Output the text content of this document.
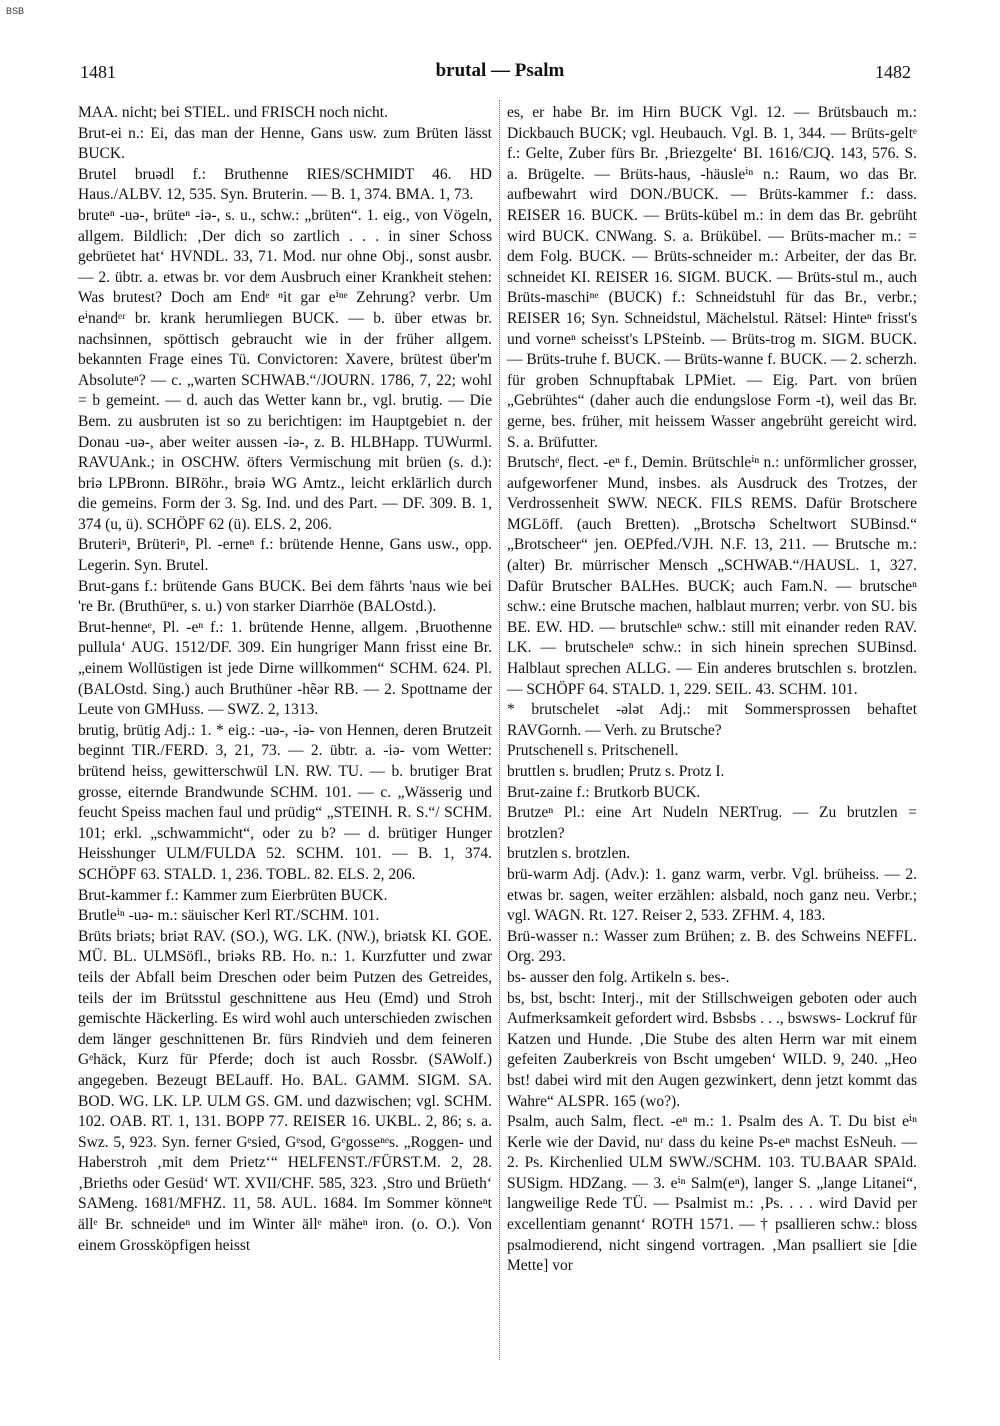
BSB
1481	brutal — Psalm	1482

MAA. nicht; bei STIEL. und FRISCH noch nicht.

Brut-ei n.: Ei, das man der Henne, Gans usw. zum Brüten lässt BUCK.

Brutel bruədl f.: Bruthenne RIES/SCHMIDT 46. HD Haus./ALBV. 12, 535. Syn. Bruterin. — B. 1, 374. BMA. 1, 73.

bruteⁿ -uə-, brüteⁿ -iə-, s. u., schw.: „brüten“. 1. eig., von Vögeln, allgem. Bildlich: ‚Der dich so zartlich . . . in siner Schoss gebrüetet hat‘ HVNDL. 33, 71. Mod. nur ohne Obj., sonst ausbr. — 2. übtr. a. etwas br. vor dem Ausbruch einer Krankheit stehen: Was brutest? Doch am Endᵉ ⁿit gar eⁱⁿᵉ Zehrung? verbr. Um eⁱnandᵉʳ br. krank herumliegen BUCK. — b. über etwas br. nachsinnen, spöttisch gebraucht wie in der früher allgem. bekannten Frage eines Tü. Convictoren: Xavere, brütest über'm Absoluteⁿ? — c. „warten SCHWAB.“/JOURN. 1786, 7, 22; wohl = b gemeint. — d. auch das Wetter kann br., vgl. brutig. — Die Bem. zu ausbruten ist so zu berichtigen: im Hauptgebiet n. der Donau -uə-, aber weiter aussen -iə-, z. B. HLBHapp. TUWurml. RAVUAnk.; in OSCHW. öfters Vermischung mit brüen (s. d.): briə LPBronn. BIRöhr., brəiə WG Amtz., leicht erklärlich durch die gemeins. Form der 3. Sg. Ind. und des Part. — DF. 309. B. 1, 374 (u, ü). SCHÖPF 62 (ü). ELS. 2, 206.

Bruteriⁿ, Brüteriⁿ, Pl. -erneⁿ f.: brütende Henne, Gans usw., opp. Legerin. Syn. Brutel.

Brut-gans f.: brütende Gans BUCK. Bei dem fährts 'naus wie bei 're Br. (Bruthüⁿer, s. u.) von starker Diarrhöe (BALOstd.).

Brut-henneᵉ, Pl. -eⁿ f.: 1. brütende Henne, allgem. ‚Bruothenne pullula‘ AUG. 1512/DF. 309. Ein hungriger Mann frisst eine Br. „einem Wollüstigen ist jede Dirne willkommen“ SCHM. 624. Pl. (BALOstd. Sing.) auch Bruthüner -hẽər RB. — 2. Spottname der Leute von GMHuss. — SWZ. 2, 1313.

brutig, brütig Adj.: 1. * eig.: -uə-, -iə- von Hennen, deren Brutzeit beginnt TIR./FERD. 3, 21, 73. — 2. übtr. a. -iə- vom Wetter: brütend heiss, gewitterschwül LN. RW. TU. — b. brutiger Brat grosse, eiternde Brandwunde SCHM. 101. — c. „Wässerig und feucht Speiss machen faul und prüdig“ „STEINH. R. S.“/ SCHM. 101; erkl. „schwammicht“, oder zu b? — d. brütiger Hunger Heisshunger ULM/FULDA 52. SCHM. 101. — B. 1, 374. SCHÖPF 63. STALD. 1, 236. TOBL. 82. ELS. 2, 206.

Brut-kammer f.: Kammer zum Eierbrüten BUCK.

Brutleⁱⁿ -uə- m.: säuischer Kerl RT./SCHM. 101.

Brüts briəts; briət RAV. (SO.), WG. LK. (NW.), briətsk KI. GOE. MÜ. BL. ULMSöfl., briəks RB. Ho. n.: 1. Kurzfutter und zwar teils der Abfall beim Dreschen oder beim Putzen des Getreides, teils der im Brütsstul geschnittene aus Heu (Emd) und Stroh gemischte Häckerling. Es wird wohl auch unterschieden zwischen dem länger geschnittenen Br. fürs Rindvieh und dem feineren Gᵉhäck, Kurz für Pferde; doch ist auch Rossbr. (SAWolf.) angegeben. Bezeugt BELauff. Ho. BAL. GAMM. SIGM. SA. BOD. WG. LK. LP. ULM GS. GM. und dazwischen; vgl. SCHM. 102. OAB. RT. 1, 131. BOPP 77. REISER 16. UKBL. 2, 86; s. a. Swz. 5, 923. Syn. ferner Gᵉsied, Gᵉsod, Gᵉgosseⁿᵉs. „Roggen- und Haberstroh ‚mit dem Prietz‘“ HELFENST./FÜRST.M. 2, 28. ‚Brieths oder Gesüd‘ WT. XVII/CHF. 585, 323. ‚Stro und Brüeth‘ SAMeng. 1681/MFHZ. 11, 58. AUL. 1684. Im Sommer könneⁿt ällᵉ Br. schneideⁿ und im Winter ällᵉ mäheⁿ iron. (o. O.). Von einem Grossköpfigen heisst

es, er habe Br. im Hirn BUCK Vgl. 12. — Brütsbauch m.: Dickbauch BUCK; vgl. Heubauch. Vgl. B. 1, 344. — Brüts-geltᵉ f.: Gelte, Zuber fürs Br. ‚Briezgelte‘ BI. 1616/CJQ. 143, 576. S. a. Brügelte. — Brüts-haus, -häusleⁱⁿ n.: Raum, wo das Br. aufbewahrt wird DON./BUCK. — Brüts-kammer f.: dass. REISER 16. BUCK. — Brüts-kübel m.: in dem das Br. gebrüht wird BUCK. CNWang. S. a. Brükübel. — Brüts-macher m.: = dem Folg. BUCK. — Brüts-schneider m.: Arbeiter, der das Br. schneidet KI. REISER 16. SIGM. BUCK. — Brüts-stul m., auch Brüts-maschiⁿᵉ (BUCK) f.: Schneidstuhl für das Br., verbr.; REISER 16; Syn. Schneidstul, Mächelstul. Rätsel: Hinteⁿ frisst's und vorneⁿ scheisst's LPSteinb. — Brüts-trog m. SIGM. BUCK. — Brüts-truhe f. BUCK. — Brüts-wanne f. BUCK. — 2. scherzh. für groben Schnupftabak LPMiet. — Eig. Part. von brüen „Gebrühtes“ (daher auch die endungslose Form -t), weil das Br. gerne, bes. früher, mit heissem Wasser angebrüht gereicht wird. S. a. Brüfutter.

Brutschᵉ, flect. -eⁿ f., Demin. Brütschleⁱⁿ n.: unförmlicher grosser, aufgeworfener Mund, insbes. als Ausdruck des Trotzes, der Verdrossenheit SWW. NECK. FILS REMS. Dafür Brotschere MGLöff. (auch Bretten). „Brotschə Scheltwort SUBinsd.“ „Brotscheer“ jen. OEPfed./VJH. N.F. 13, 211. — Brutsche m.: (alter) Br. mürrischer Mensch „SCHWAB.“/HAUSL. 1, 327. Dafür Brutscher BALHes. BUCK; auch Fam.N. — brutscheⁿ schw.: eine Brutsche machen, halblaut murren; verbr. von SU. bis BE. EW. HD. — brutschleⁿ schw.: still mit einander reden RAV. LK. — brutscheleⁿ schw.: in sich hinein sprechen SUBinsd. Halblaut sprechen ALLG. — Ein anderes brutschlen s. brotzlen. — SCHÖPF 64. STALD. 1, 229. SEIL. 43. SCHM. 101.

* brutschelet -ələt Adj.: mit Sommersprossen behaftet RAVGornh. — Verh. zu Brutsche?

Prutschenell s. Pritschenell.

bruttlen s. brudlen; Prutz s. Protz I.

Brut-zaine f.: Brutkorb BUCK.

Brutzeⁿ Pl.: eine Art Nudeln NERTrug. — Zu brutzlen = brotzlen?

brutzlen s. brotzlen.

brü-warm Adj. (Adv.): 1. ganz warm, verbr. Vgl. brüheiss. — 2. etwas br. sagen, weiter erzählen: alsbald, noch ganz neu. Verbr.; vgl. WAGN. Rt. 127. Reiser 2, 533. ZFHM. 4, 183.

Brü-wasser n.: Wasser zum Brühen; z. B. des Schweins NEFFL. Org. 293.

bs- ausser den folg. Artikeln s. bes-.

bs, bst, bscht: Interj., mit der Stillschweigen geboten oder auch Aufmerksamkeit gefordert wird. Bsbsbs . . ., bswsws- Lockruf für Katzen und Hunde. ‚Die Stube des alten Herrn war mit einem gefeiten Zauberkreis von Bscht umgeben‘ WILD. 9, 240. „Heo bst! dabei wird mit den Augen gezwinkert, denn jetzt kommt das Wahre“ ALSPR. 165 (wo?).

Psalm, auch Salm, flect. -eⁿ m.: 1. Psalm des A. T. Du bist eⁱⁿ Kerle wie der David, nuʳ dass du keine Ps-eⁿ machst EsNeuh. — 2. Ps. Kirchenlied ULM SWW./SCHM. 103. TU.BAAR SPAld. SUSigm. HDZang. — 3. eⁱⁿ Salm(eⁿ), langer S. „lange Litanei“, langweilige Rede TÜ. — Psalmist m.: ‚Ps. . . . wird David per excellentiam genannt‘ ROTH 1571. — † psallieren schw.: bloss psalmodierend, nicht singend vortragen. ‚Man psalliert sie [die Mette] vor
